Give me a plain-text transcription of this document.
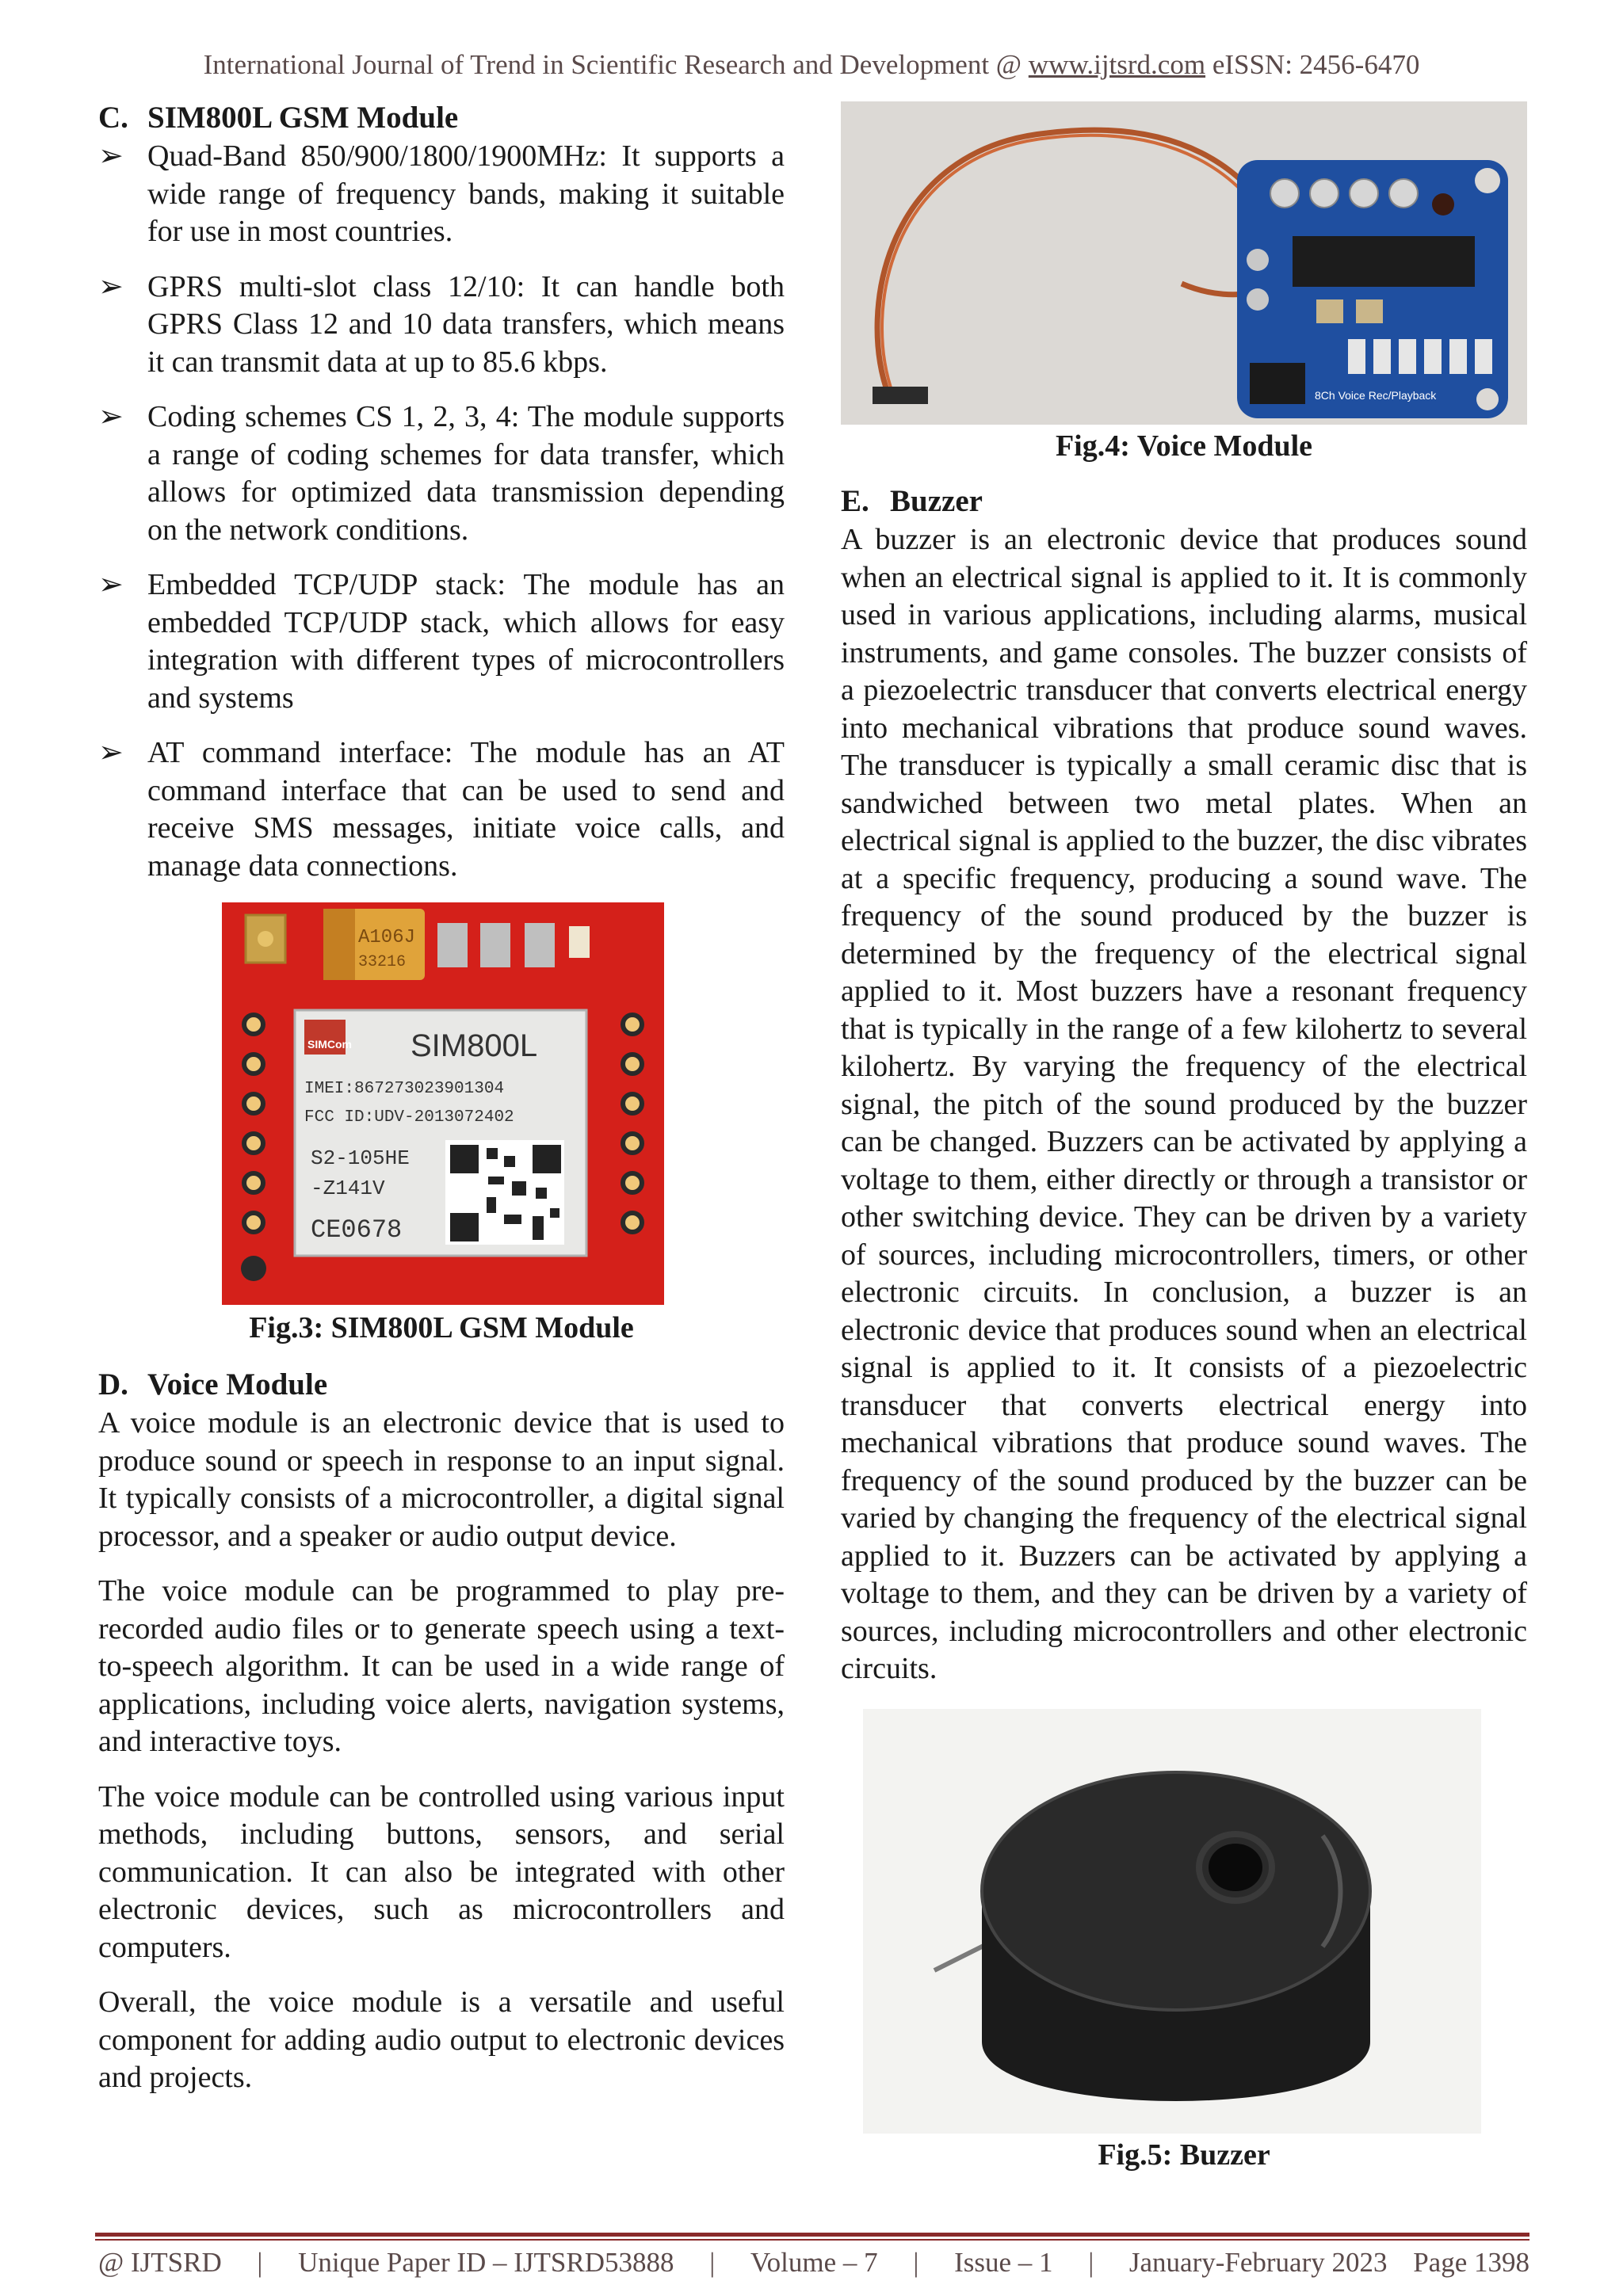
International Journal of Trend in Scientific Research and Development @ www.ijtsrd.com eISSN: 2456-6470
C. SIM800L GSM Module
➢ Quad-Band 850/900/1800/1900MHz: It supports a wide range of frequency bands, making it suitable for use in most countries.
➢ GPRS multi-slot class 12/10: It can handle both GPRS Class 12 and 10 data transfers, which means it can transmit data at up to 85.6 kbps.
➢ Coding schemes CS 1, 2, 3, 4: The module supports a range of coding schemes for data transfer, which allows for optimized data transmission depending on the network conditions.
➢ Embedded TCP/UDP stack: The module has an embedded TCP/UDP stack, which allows for easy integration with different types of microcontrollers and systems
➢ AT command interface: The module has an AT command interface that can be used to send and receive SMS messages, initiate voice calls, and manage data connections.
A106J
33216
SIMCom SIM800L
IMEI:867273023901304
FCC ID:UDV-2013072402
S2-105HE
-Z141V
CE0678
Fig.3: SIM800L GSM Module
D. Voice Module

A voice module is an electronic device that is used to produce sound or speech in response to an input signal. It typically consists of a microcontroller, a digital signal processor, and a speaker or audio output device.

The voice module can be programmed to play pre-recorded audio files or to generate speech using a text-to-speech algorithm. It can be used in a wide range of applications, including voice alerts, navigation systems, and interactive toys.

The voice module can be controlled using various input methods, including buttons, sensors, and serial communication. It can also be integrated with other electronic devices, such as microcontrollers and computers.

Overall, the voice module is a versatile and useful component for adding audio output to electronic devices and projects.

8Ch Voice Rec/Playback
Fig.4: Voice Module
E. Buzzer

A buzzer is an electronic device that produces sound when an electrical signal is applied to it. It is commonly used in various applications, including alarms, musical instruments, and game consoles. The buzzer consists of a piezoelectric transducer that converts electrical energy into mechanical vibrations that produce sound waves. The transducer is typically a small ceramic disc that is sandwiched between two metal plates. When an electrical signal is applied to the buzzer, the disc vibrates at a specific frequency, producing a sound wave. The frequency of the sound produced by the buzzer is determined by the frequency of the electrical signal applied to it. Most buzzers have a resonant frequency that is typically in the range of a few kilohertz to several kilohertz. By varying the frequency of the electrical signal, the pitch of the sound produced by the buzzer can be changed. Buzzers can be activated by applying a voltage to them, either directly or through a transistor or other switching device. They can be driven by a variety of sources, including microcontrollers, timers, or other electronic circuits. In conclusion, a buzzer is an electronic device that produces sound when an electrical signal is applied to it. It consists of a piezoelectric transducer that converts electrical energy into mechanical vibrations that produce sound waves. The frequency of the sound produced by the buzzer can be varied by changing the frequency of the electrical signal applied to it. Buzzers can be activated by applying a voltage to them, and they can be driven by a variety of sources, including microcontrollers and other electronic circuits.

Fig.5: Buzzer
@ IJTSRD | Unique Paper ID – IJTSRD53888 | Volume – 7 | Issue – 1 | January-February 2023 Page 1398
